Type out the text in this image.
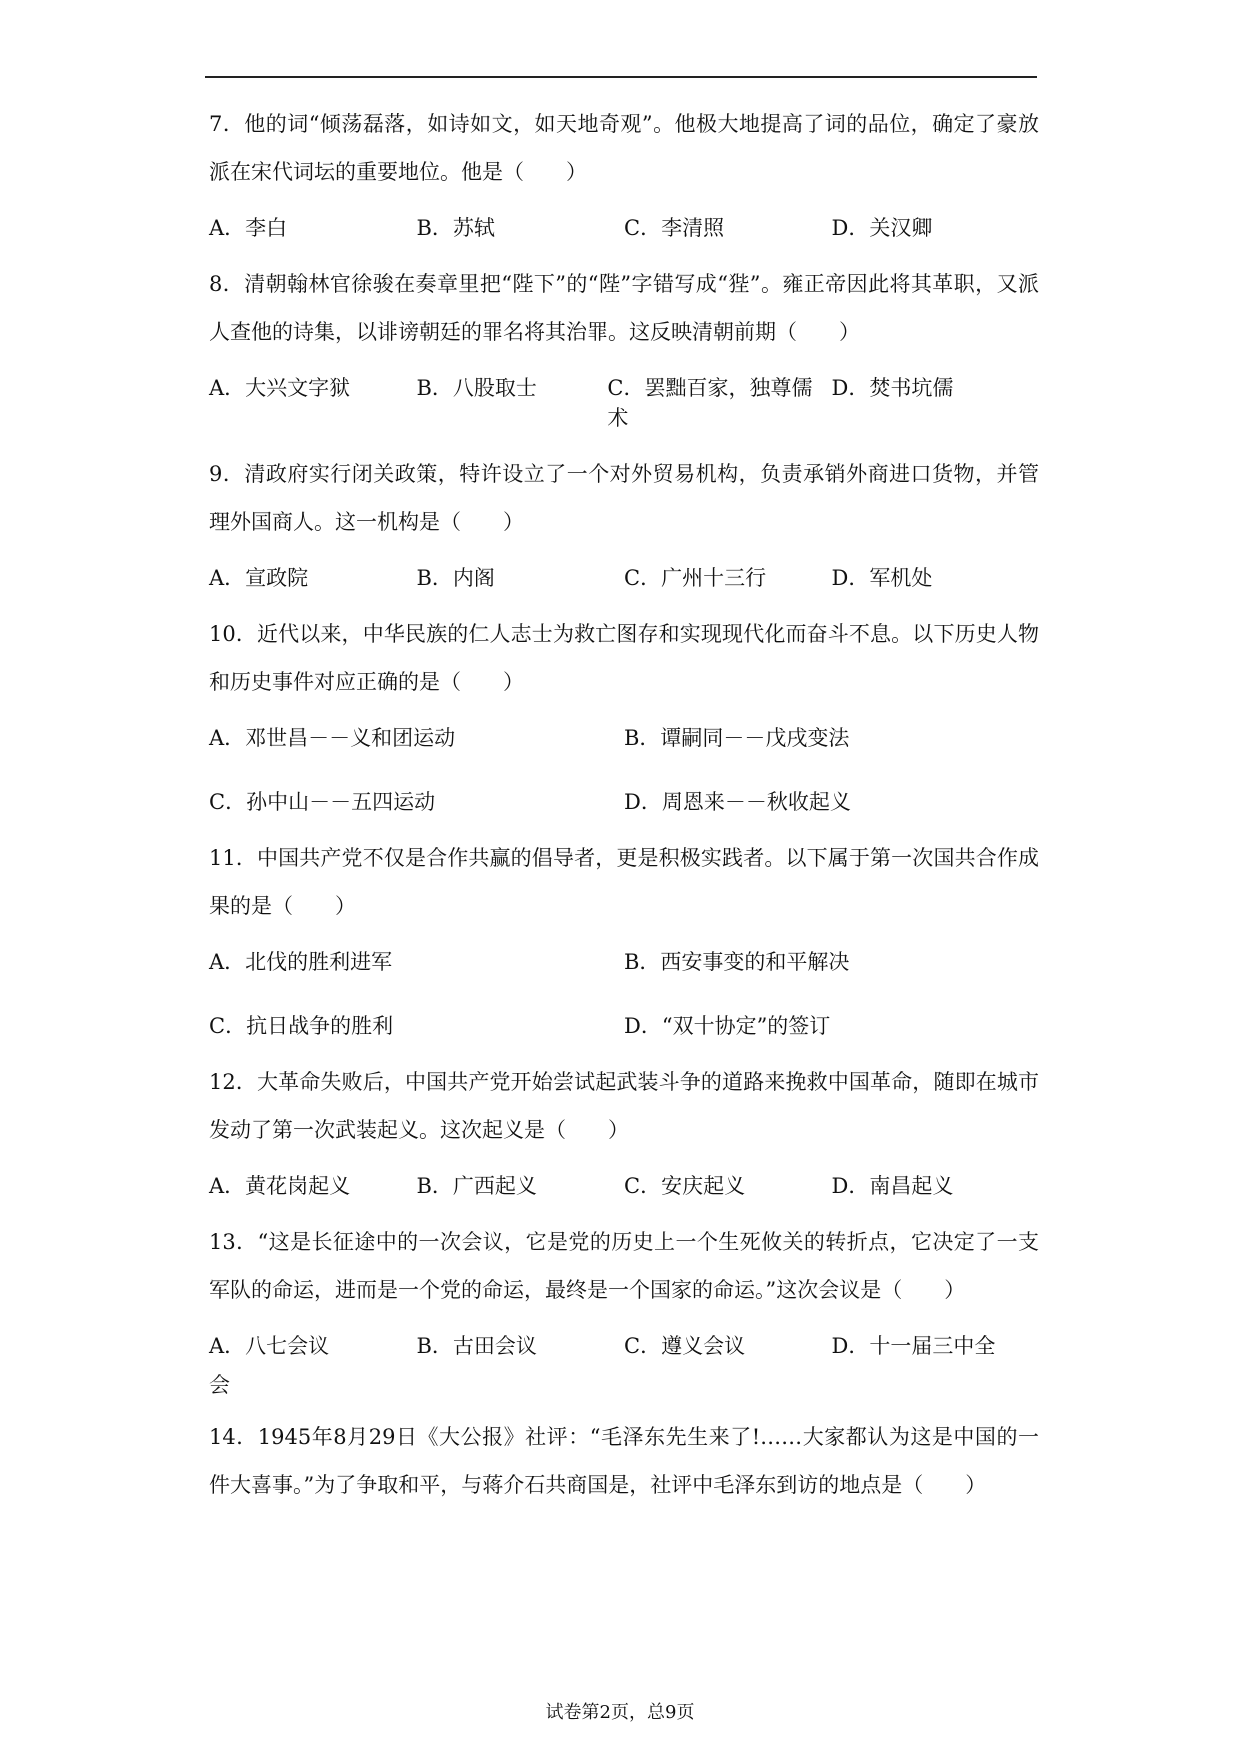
7．他的词“倾荡磊落，如诗如文，如天地奇观”。他极大地提高了词的品位，确定了豪放派在宋代词坛的重要地位。他是（　　）

A．李白	B．苏轼	C．李清照	D．关汉卿

8．清朝翰林官徐骏在奏章里把“陛下”的“陛”字错写成“狴”。雍正帝因此将其革职，又派人查他的诗集，以诽谤朝廷的罪名将其治罪。这反映清朝前期（　　）

A．大兴文字狱	B．八股取士	C．罢黜百家，独尊儒术
D．焚书坑儒

9．清政府实行闭关政策，特许设立了一个对外贸易机构，负责承销外商进口货物，并管理外国商人。这一机构是（　　）

A．宣政院	B．内阁	C．广州十三行	D．军机处

10．近代以来，中华民族的仁人志士为救亡图存和实现现代化而奋斗不息。以下历史人物和历史事件对应正确的是（　　）

A．邓世昌－－义和团运动	B．谭嗣同－－戊戌变法
C．孙中山－－五四运动	D．周恩来－－秋收起义

11．中国共产党不仅是合作共赢的倡导者，更是积极实践者。以下属于第一次国共合作成果的是（　　）

A．北伐的胜利进军	B．西安事变的和平解决
C．抗日战争的胜利	D．“双十协定”的签订

12．大革命失败后，中国共产党开始尝试起武装斗争的道路来挽救中国革命，随即在城市发动了第一次武装起义。这次起义是（　　）

A．黄花岗起义	B．广西起义	C．安庆起义	D．南昌起义

13．“这是长征途中的一次会议，它是党的历史上一个生死攸关的转折点，它决定了一支军队的命运，进而是一个党的命运，最终是一个国家的命运。”这次会议是（　　）

A．八七会议	B．古田会议	C．遵义会议	D．十一届三中全
会

14．1945年8月29日《大公报》社评：“毛泽东先生来了!……大家都认为这是中国的一件大喜事。”为了争取和平，与蒋介石共商国是，社评中毛泽东到访的地点是（　　）

试卷第2页，总9页
